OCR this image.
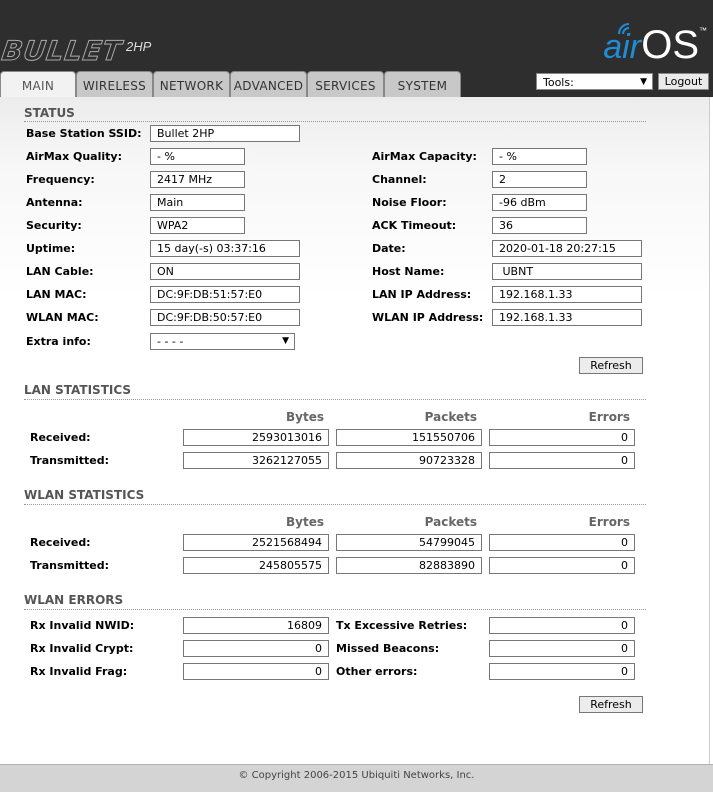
BULLET 2HP	air OS ™
MAIN	WIRELESS	NETWORK ADVANCED SERVICES	SYSTEM	Tools:	▼	Logout
STATUS
Base Station SSID:	Bullet 2HP
AirMax Quality:	- %	AirMax Capacity:	- %
Frequency:	2417 MHz	Channel:	2
Antenna:	Main	Noise Floor:	-96 dBm
Security:	WPA2	ACK Timeout:	36
Uptime:	15 day(-s) 03:37:16	Date:	2020-01-18 20:27:15
LAN Cable:	ON	Host Name:	UBNT
LAN MAC:	DC:9F:DB:51:57:E0	LAN IP Address:	192.168.1.33
WLAN MAC:	DC:9F:DB:50:57:E0	WLAN IP Address:	192.168.1.33
Extra info:	- - - -	▼
Refresh
LAN STATISTICS
Bytes	Packets	Errors
Received:	2593013016	151550706	0
Transmitted:	3262127055	90723328	0
WLAN STATISTICS
Bytes	Packets	Errors
Received:	2521568494	54799045	0
Transmitted:	245805575	82883890	0
WLAN ERRORS
Rx Invalid NWID:	16809	Tx Excessive Retries:	0
Rx Invalid Crypt:	0	Missed Beacons:	0
Rx Invalid Frag:	0	Other errors:	0
Refresh
© Copyright 2006-2015 Ubiquiti Networks, Inc.
